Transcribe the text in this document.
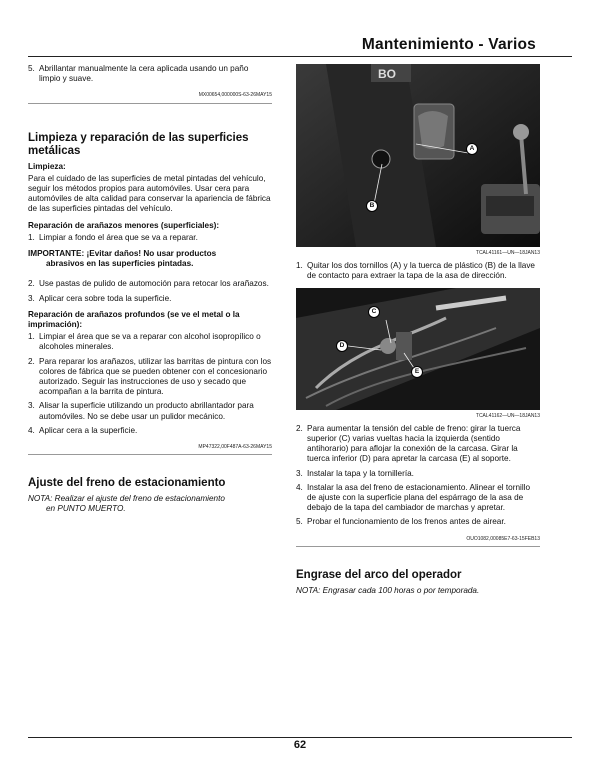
Mantenimiento - Varios
5. Abrillantar manualmente la cera aplicada usando un paño limpio y suave.
MX00654,000000S-63-26MAY15
Limpieza y reparación de las superficies metálicas
Limpieza:
Para el cuidado de las superficies de metal pintadas del vehículo, seguir los métodos propios para automóviles. Usar cera para automóviles de alta calidad para conservar la apariencia de fábrica de las superficies pintadas del vehículo.
Reparación de arañazos menores (superficiales):
1. Limpiar a fondo el área que se va a reparar.
IMPORTANTE: ¡Evitar daños! No usar productos
abrasivos en las superficies pintadas.
2. Use pastas de pulido de automoción para retocar los arañazos.
3. Aplicar cera sobre toda la superficie.
Reparación de arañazos profundos (se ve el metal o la imprimación):
1. Limpiar el área que se va a reparar con alcohol isopropílico o alcoholes minerales.
2. Para reparar los arañazos, utilizar las barritas de pintura con los colores de fábrica que se pueden obtener con el concesionario autorizado. Seguir las instrucciones de uso y secado que acompañan a la barrita de pintura.
3. Alisar la superficie utilizando un producto abrillantador para automóviles. No se debe usar un pulidor mecánico.
4. Aplicar cera a la superficie.
MP47322,00F487A-63-26MAY15
Ajuste del freno de estacionamiento
NOTA: Realizar el ajuste del freno de estacionamiento
en PUNTO MUERTO.
BO
A
B
TCAL41161—UN—18JAN13
1. Quitar los dos tornillos (A) y la tuerca de plástico (B) de la llave de contacto para extraer la tapa de la asa de dirección.
C
D
E
TCAL41162—UN—18JAN13
2. Para aumentar la tensión del cable de freno: girar la tuerca superior (C) varias vueltas hacia la izquierda (sentido antihorario) para aflojar la conexión de la carcasa. Girar la tuerca inferior (D) para apretar la carcasa (E) al soporte.
3. Instalar la tapa y la tornillería.
4. Instalar la asa del freno de estacionamiento. Alinear el tornillo de ajuste con la superficie plana del espárrago de la asa de debajo de la tapa del cambiador de marchas y apretar.
5. Probar el funcionamiento de los frenos antes de airear.
OUO1082,00085E7-63-15FEB13
Engrase del arco del operador
NOTA: Engrasar cada 100 horas o por temporada.
62
